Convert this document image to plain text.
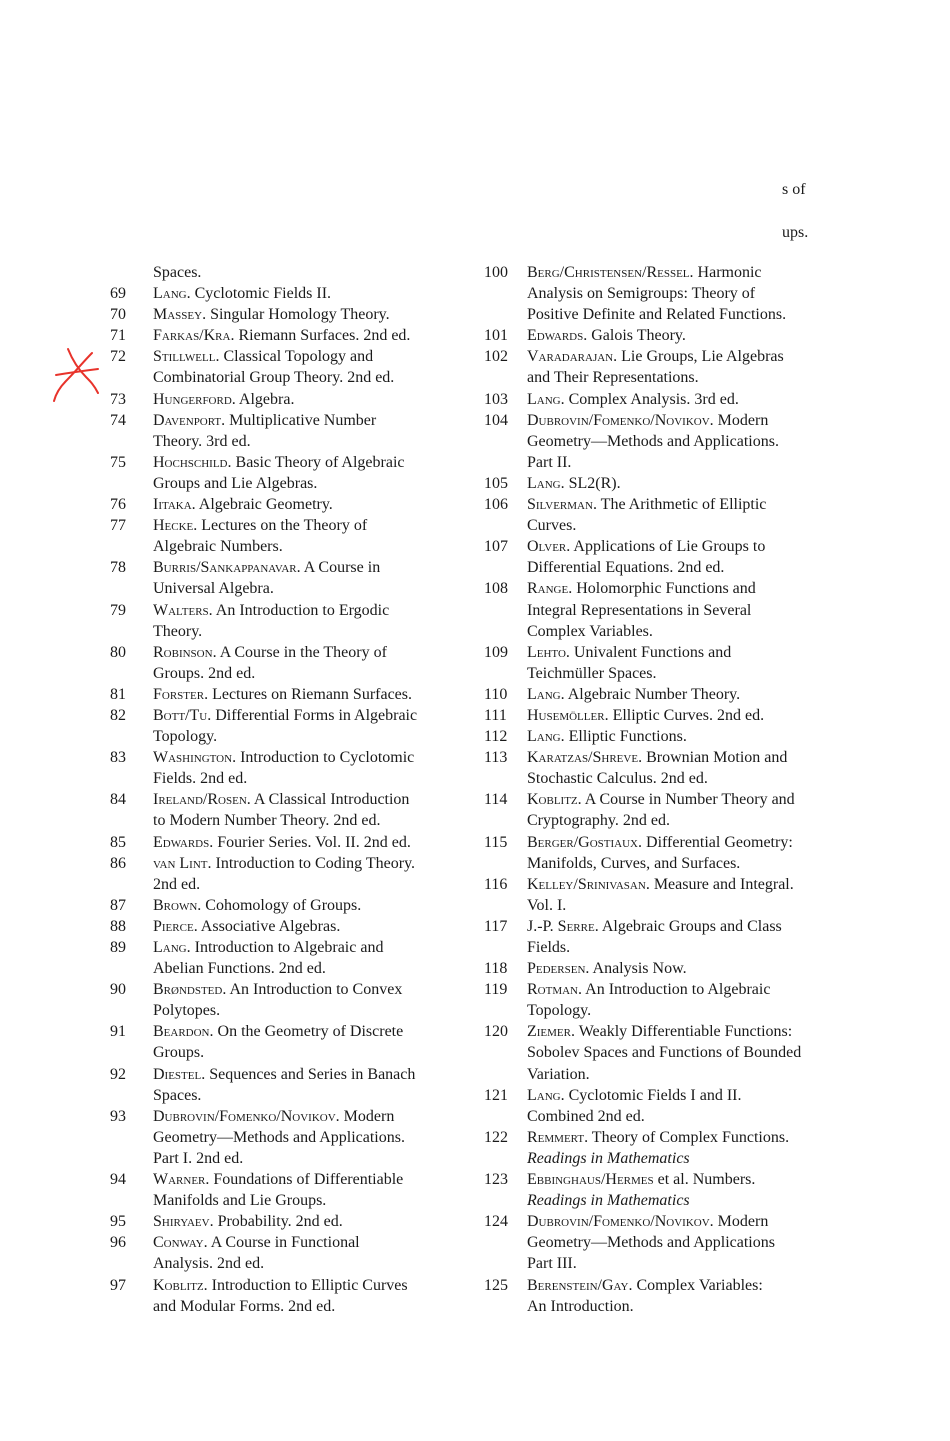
s of
ups.
Spaces.
69	Lang. Cyclotomic Fields II.
70	Massey. Singular Homology Theory.
71	Farkas/Kra. Riemann Surfaces. 2nd ed.
72	Stillwell. Classical Topology and
Combinatorial Group Theory. 2nd ed.
73	Hungerford. Algebra.
74	Davenport. Multiplicative Number
Theory. 3rd ed.
75	Hochschild. Basic Theory of Algebraic
Groups and Lie Algebras.
76	Iitaka. Algebraic Geometry.
77	Hecke. Lectures on the Theory of
Algebraic Numbers.
78	Burris/Sankappanavar. A Course in
Universal Algebra.
79	Walters. An Introduction to Ergodic
Theory.
80	Robinson. A Course in the Theory of
Groups. 2nd ed.
81	Forster. Lectures on Riemann Surfaces.
82	Bott/Tu. Differential Forms in Algebraic
Topology.
83	Washington. Introduction to Cyclotomic
Fields. 2nd ed.
84	Ireland/Rosen. A Classical Introduction
to Modern Number Theory. 2nd ed.
85	Edwards. Fourier Series. Vol. II. 2nd ed.
86	van Lint. Introduction to Coding Theory.
2nd ed.
87	Brown. Cohomology of Groups.
88	Pierce. Associative Algebras.
89	Lang. Introduction to Algebraic and
Abelian Functions. 2nd ed.
90	Brøndsted. An Introduction to Convex
Polytopes.
91	Beardon. On the Geometry of Discrete
Groups.
92	Diestel. Sequences and Series in Banach
Spaces.
93	Dubrovin/Fomenko/Novikov. Modern
Geometry—Methods and Applications.
Part I. 2nd ed.
94	Warner. Foundations of Differentiable
Manifolds and Lie Groups.
95	Shiryaev. Probability. 2nd ed.
96	Conway. A Course in Functional
Analysis. 2nd ed.
97	Koblitz. Introduction to Elliptic Curves
and Modular Forms. 2nd ed.
100	Berg/Christensen/Ressel. Harmonic
Analysis on Semigroups: Theory of
Positive Definite and Related Functions.
101	Edwards. Galois Theory.
102	Varadarajan. Lie Groups, Lie Algebras
and Their Representations.
103	Lang. Complex Analysis. 3rd ed.
104	Dubrovin/Fomenko/Novikov. Modern
Geometry—Methods and Applications.
Part II.
105	Lang. SL2(R).
106	Silverman. The Arithmetic of Elliptic
Curves.
107	Olver. Applications of Lie Groups to
Differential Equations. 2nd ed.
108	Range. Holomorphic Functions and
Integral Representations in Several
Complex Variables.
109	Lehto. Univalent Functions and
Teichmüller Spaces.
110	Lang. Algebraic Number Theory.
111	Husemöller. Elliptic Curves. 2nd ed.
112	Lang. Elliptic Functions.
113	Karatzas/Shreve. Brownian Motion and
Stochastic Calculus. 2nd ed.
114	Koblitz. A Course in Number Theory and
Cryptography. 2nd ed.
115	Berger/Gostiaux. Differential Geometry:
Manifolds, Curves, and Surfaces.
116	Kelley/Srinivasan. Measure and Integral.
Vol. I.
117	J.-P. Serre. Algebraic Groups and Class
Fields.
118	Pedersen. Analysis Now.
119	Rotman. An Introduction to Algebraic
Topology.
120	Ziemer. Weakly Differentiable Functions:
Sobolev Spaces and Functions of Bounded
Variation.
121	Lang. Cyclotomic Fields I and II.
Combined 2nd ed.
122	Remmert. Theory of Complex Functions.
Readings in Mathematics
123	Ebbinghaus/Hermes et al. Numbers.
Readings in Mathematics
124	Dubrovin/Fomenko/Novikov. Modern
Geometry—Methods and Applications
Part III.
125	Berenstein/Gay. Complex Variables:
An Introduction.
